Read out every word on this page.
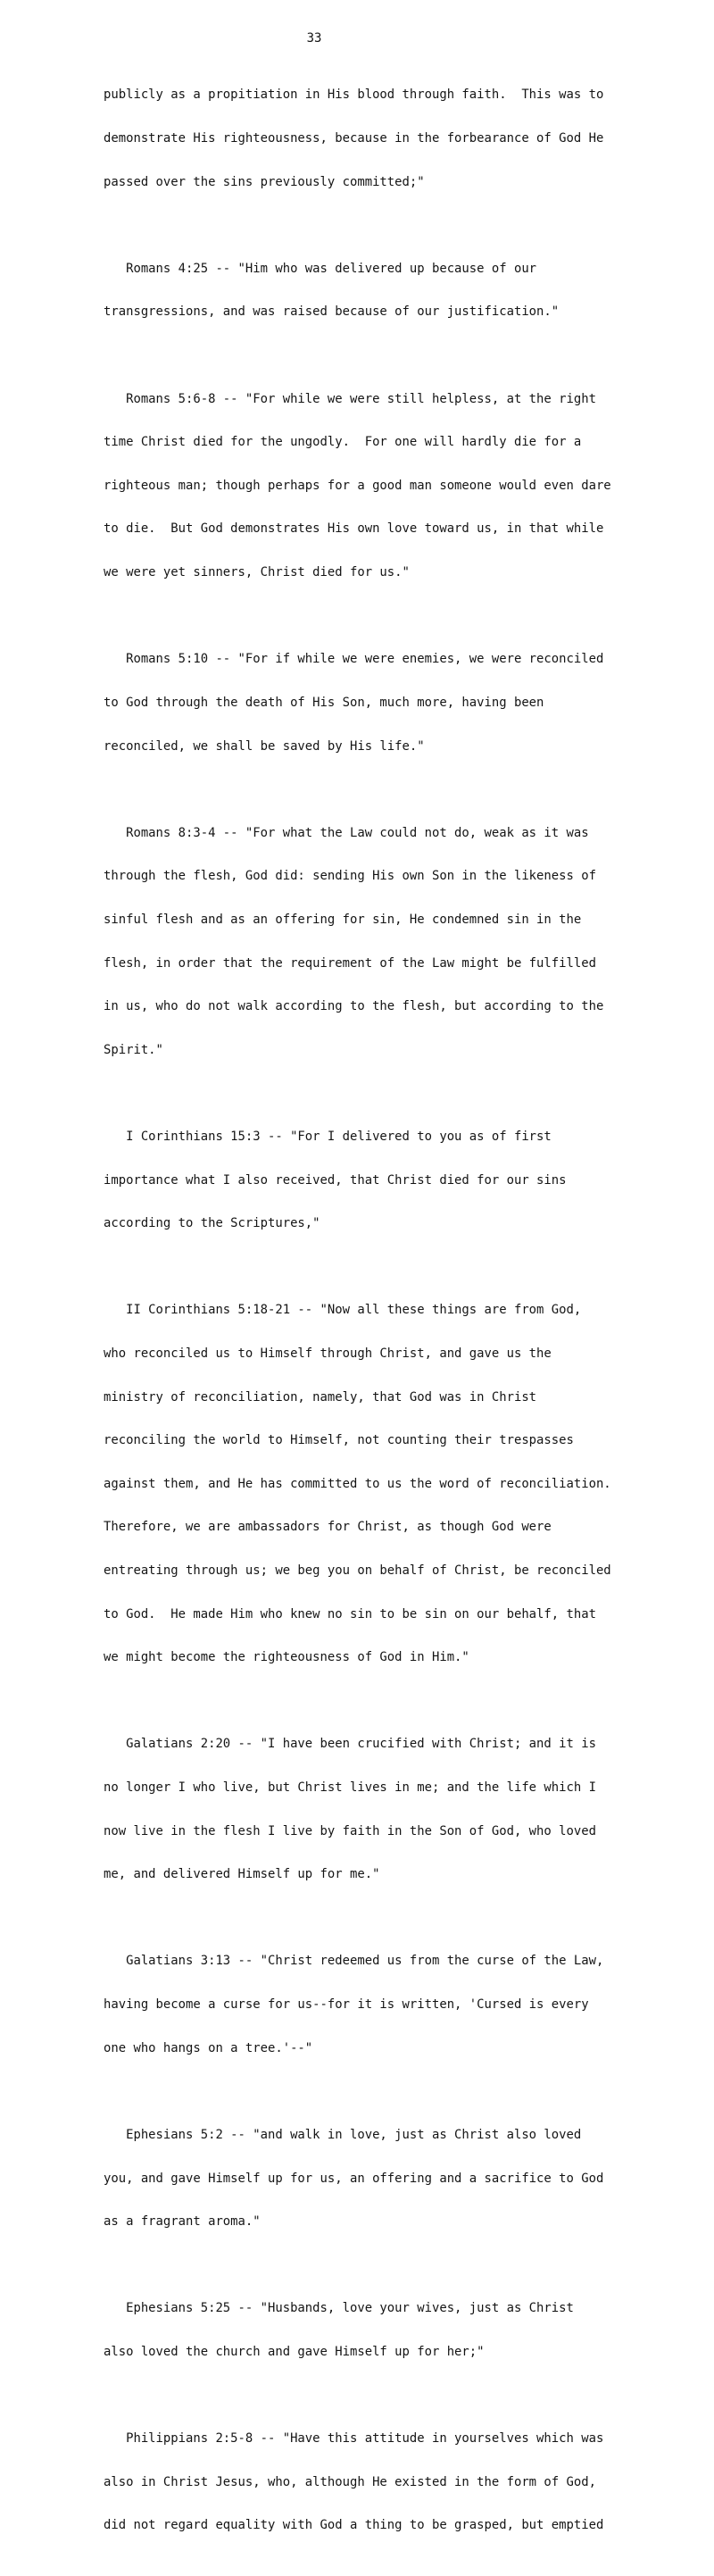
33

publicly as a propitiation in His blood through faith.  This was to

demonstrate His righteousness, because in the forbearance of God He

passed over the sins previously committed;"

Romans 4:25 -- "Him who was delivered up because of our

transgressions, and was raised because of our justification."

Romans 5:6-8 -- "For while we were still helpless, at the right

time Christ died for the ungodly.  For one will hardly die for a

righteous man; though perhaps for a good man someone would even dare

to die.  But God demonstrates His own love toward us, in that while

we were yet sinners, Christ died for us."

Romans 5:10 -- "For if while we were enemies, we were reconciled

to God through the death of His Son, much more, having been

reconciled, we shall be saved by His life."

Romans 8:3-4 -- "For what the Law could not do, weak as it was

through the flesh, God did: sending His own Son in the likeness of

sinful flesh and as an offering for sin, He condemned sin in the

flesh, in order that the requirement of the Law might be fulfilled

in us, who do not walk according to the flesh, but according to the

Spirit."

I Corinthians 15:3 -- "For I delivered to you as of first

importance what I also received, that Christ died for our sins

according to the Scriptures,"

II Corinthians 5:18-21 -- "Now all these things are from God,

who reconciled us to Himself through Christ, and gave us the

ministry of reconciliation, namely, that God was in Christ

reconciling the world to Himself, not counting their trespasses

against them, and He has committed to us the word of reconciliation.

Therefore, we are ambassadors for Christ, as though God were

entreating through us; we beg you on behalf of Christ, be reconciled

to God.  He made Him who knew no sin to be sin on our behalf, that

we might become the righteousness of God in Him."

Galatians 2:20 -- "I have been crucified with Christ; and it is

no longer I who live, but Christ lives in me; and the life which I

now live in the flesh I live by faith in the Son of God, who loved

me, and delivered Himself up for me."

Galatians 3:13 -- "Christ redeemed us from the curse of the Law,

having become a curse for us--for it is written, 'Cursed is every

one who hangs on a tree.'--"

Ephesians 5:2 -- "and walk in love, just as Christ also loved

you, and gave Himself up for us, an offering and a sacrifice to God

as a fragrant aroma."

Ephesians 5:25 -- "Husbands, love your wives, just as Christ

also loved the church and gave Himself up for her;"

Philippians 2:5-8 -- "Have this attitude in yourselves which was

also in Christ Jesus, who, although He existed in the form of God,

did not regard equality with God a thing to be grasped, but emptied
